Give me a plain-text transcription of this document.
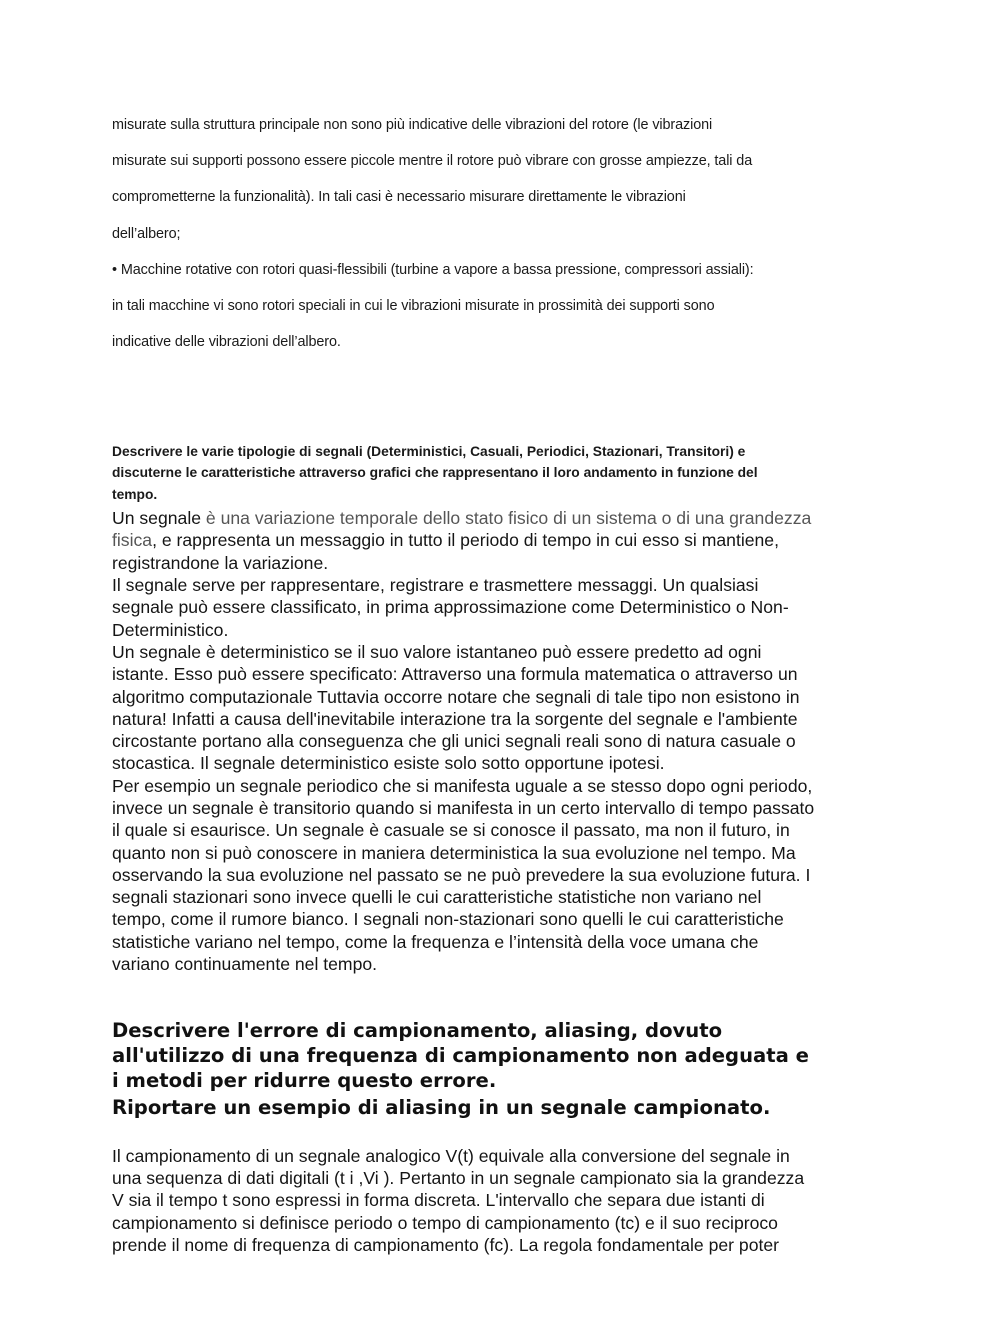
misurate sulla struttura principale non sono più indicative delle vibrazioni del rotore (le vibrazioni

misurate sui supporti possono essere piccole mentre il rotore può vibrare con grosse ampiezze, tali da

comprometterne la funzionalità). In tali casi è necessario misurare direttamente le vibrazioni

dell’albero;

• Macchine rotative con rotori quasi-flessibili (turbine a vapore a bassa pressione, compressori assiali):

in tali macchine vi sono rotori speciali in cui le vibrazioni misurate in prossimità dei supporti sono

indicative delle vibrazioni dell’albero.

Descrivere le varie tipologie di segnali (Deterministici, Casuali, Periodici, Stazionari, Transitori) e

discuterne le caratteristiche attraverso grafici che rappresentano il loro andamento in funzione del

tempo.

Un segnale è una variazione temporale dello stato fisico di un sistema o di una grandezza

fisica, e rappresenta un messaggio in tutto il periodo di tempo in cui esso si mantiene,

registrandone la variazione.

Il segnale serve per rappresentare, registrare e trasmettere messaggi. Un qualsiasi

segnale può essere classificato, in prima approssimazione come Deterministico o Non-

Deterministico.

Un segnale è deterministico se il suo valore istantaneo può essere predetto ad ogni

istante. Esso può essere specificato: Attraverso una formula matematica o attraverso un

algoritmo computazionale Tuttavia occorre notare che segnali di tale tipo non esistono in

natura! Infatti a causa dell'inevitabile interazione tra la sorgente del segnale e l'ambiente

circostante portano alla conseguenza che gli unici segnali reali sono di natura casuale o

stocastica. Il segnale deterministico esiste solo sotto opportune ipotesi.

Per esempio un segnale periodico che si manifesta uguale a se stesso dopo ogni periodo,

invece un segnale è transitorio quando si manifesta in un certo intervallo di tempo passato

il quale si esaurisce. Un segnale è casuale se si conosce il passato, ma non il futuro, in

quanto non si può conoscere in maniera deterministica la sua evoluzione nel tempo. Ma

osservando la sua evoluzione nel passato se ne può prevedere la sua evoluzione futura. I

segnali stazionari sono invece quelli le cui caratteristiche statistiche non variano nel

tempo, come il rumore bianco. I segnali non-stazionari sono quelli le cui caratteristiche

statistiche variano nel tempo, come la frequenza e l’intensità della voce umana che

variano continuamente nel tempo.

Descrivere l'errore di campionamento, aliasing, dovuto

all'utilizzo di una frequenza di campionamento non adeguata e

i metodi per ridurre questo errore.

Riportare un esempio di aliasing in un segnale campionato.

Il campionamento di un segnale analogico V(t) equivale alla conversione del segnale in

una sequenza di dati digitali (t i ,Vi ). Pertanto in un segnale campionato sia la grandezza

V sia il tempo t sono espressi in forma discreta. L'intervallo che separa due istanti di

campionamento si definisce periodo o tempo di campionamento (tc) e il suo reciproco

prende il nome di frequenza di campionamento (fc). La regola fondamentale per poter
